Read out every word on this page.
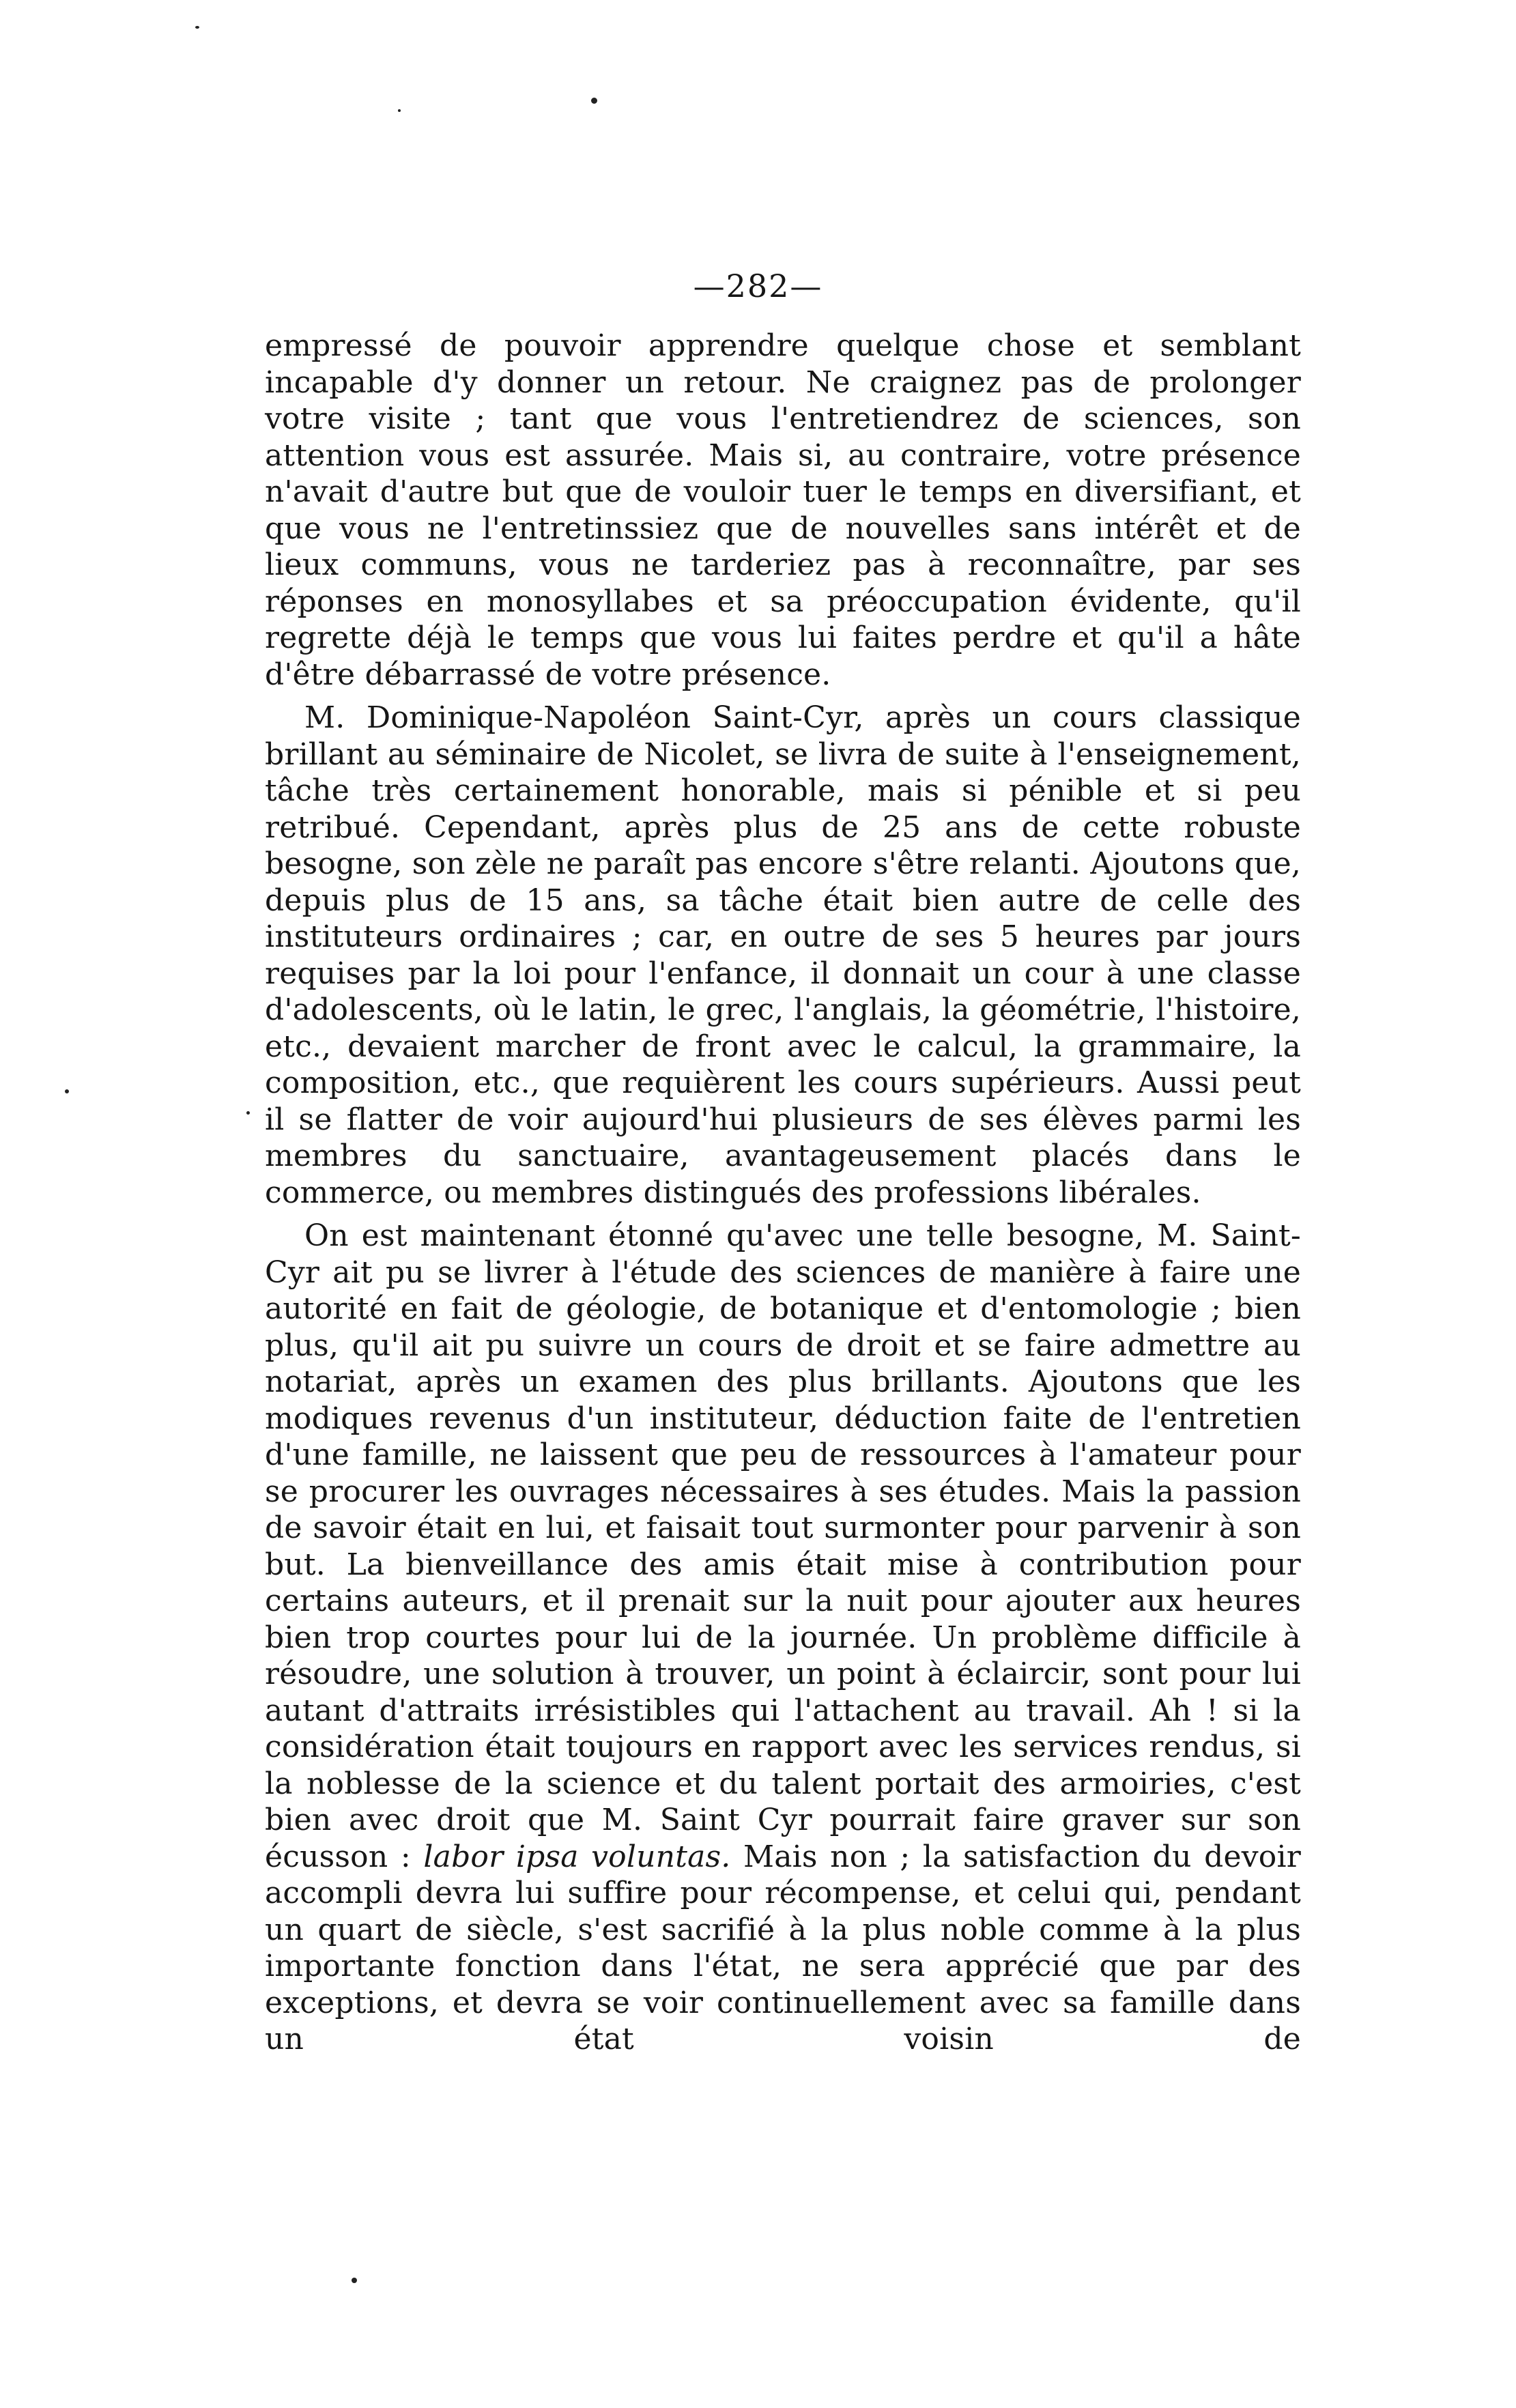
—282—

empressé de pouvoir apprendre quelque chose et semblant incapable d'y donner un retour. Ne craignez pas de prolonger votre visite ; tant que vous l'entretiendrez de sciences, son attention vous est assurée. Mais si, au contraire, votre présence n'avait d'autre but que de vouloir tuer le temps en diversifiant, et que vous ne l'entretinssiez que de nouvelles sans intérêt et de lieux communs, vous ne tarderiez pas à reconnaître, par ses réponses en monosyllabes et sa préoccupation évidente, qu'il regrette déjà le temps que vous lui faites perdre et qu'il a hâte d'être débarrassé de votre présence.

M. Dominique-Napoléon Saint-Cyr, après un cours classique brillant au séminaire de Nicolet, se livra de suite à l'enseignement, tâche très certainement honorable, mais si pénible et si peu retribué. Cependant, après plus de 25 ans de cette robuste besogne, son zèle ne paraît pas encore s'être relanti. Ajoutons que, depuis plus de 15 ans, sa tâche était bien autre de celle des instituteurs ordinaires ; car, en outre de ses 5 heures par jours requises par la loi pour l'enfance, il donnait un cour à une classe d'adolescents, où le latin, le grec, l'anglais, la géométrie, l'histoire, etc., devaient marcher de front avec le calcul, la grammaire, la composition, etc., que requièrent les cours supérieurs. Aussi peut il se flatter de voir aujourd'hui plusieurs de ses élèves parmi les membres du sanctuaire, avantageusement placés dans le commerce, ou membres distingués des professions libérales.

On est maintenant étonné qu'avec une telle besogne, M. Saint-Cyr ait pu se livrer à l'étude des sciences de manière à faire une autorité en fait de géologie, de botanique et d'entomologie ; bien plus, qu'il ait pu suivre un cours de droit et se faire admettre au notariat, après un examen des plus brillants. Ajoutons que les modiques revenus d'un instituteur, déduction faite de l'entretien d'une famille, ne laissent que peu de ressources à l'amateur pour se procurer les ouvrages nécessaires à ses études. Mais la passion de savoir était en lui, et faisait tout surmonter pour parvenir à son but. La bienveillance des amis était mise à contribution pour certains auteurs, et il prenait sur la nuit pour ajouter aux heures bien trop courtes pour lui de la journée. Un problème difficile à résoudre, une solution à trouver, un point à éclaircir, sont pour lui autant d'attraits irrésistibles qui l'attachent au travail. Ah ! si la considération était toujours en rapport avec les services rendus, si la noblesse de la science et du talent portait des armoiries, c'est bien avec droit que M. Saint Cyr pourrait faire graver sur son écusson : labor ipsa voluntas. Mais non ; la satisfaction du devoir accompli devra lui suffire pour récompense, et celui qui, pendant un quart de siècle, s'est sacrifié à la plus noble comme à la plus importante fonction dans l'état, ne sera apprécié que par des exceptions, et devra se voir continuellement avec sa famille dans un état voisin de
